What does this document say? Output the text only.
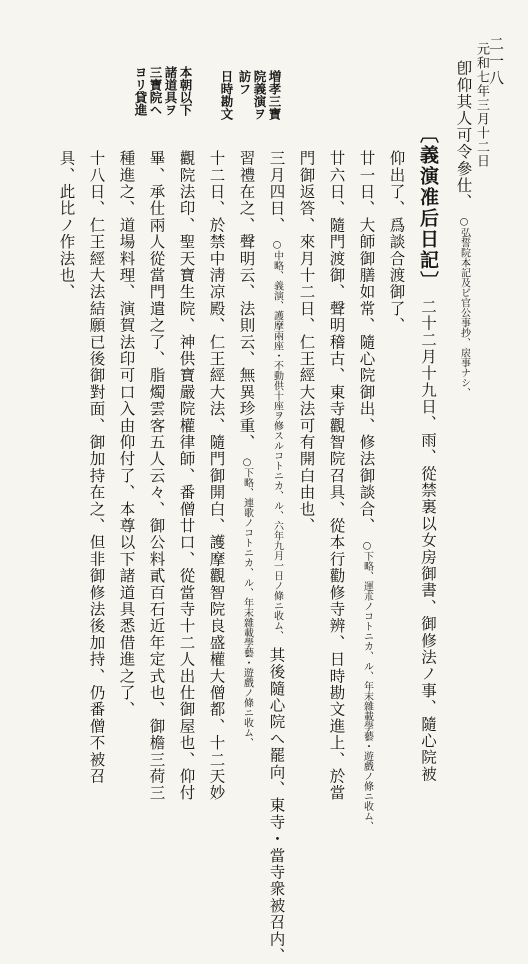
二一八
元和七年三月十二日
本朝以下諸道具ヲ三寶院ヘヨリ貸進	日時勘文	増孝三寶院義演ヲ訪フ	卽仰其人可令參仕、 ○弘誓院本記及ビ官公事抄、扆事ナシ、
〔義演准后日記〕 二十二月十九日、雨、從禁裏以女房御書、御修法ノ事、隨心院被
仰出了、爲談合渡御了、
廿一日、大師御膳如常、隨心院御出、修法御談合、 ○下略、運朮ノコトニカ、ル、年末雜載學藝・遊戲ノ條ニ收ム、
廿六日、隨門渡御、聲明稽古、東寺觀智院召具、從本行勸修寺辨、日時勘文進上、於當
門御返答、來月十二日、仁王經大法可有開白由也、
三月四日、 ○中略、義演、護摩兩座・不動供十座ヲ修スルコトニカ、ル、六年九月一日ノ條ニ收ム、 其後隨心院へ罷向、東寺・當寺衆被召内、
習禮在之、聲明云、法則云、無異珍重、 ○下略、連歌ノコトニカ、ル、年末雜載學藝・遊戲ノ條ニ收ム、
十二日、於禁中淸凉殿、仁王經大法、隨門御開白、護摩觀智院良盛權大僧都、十二天妙
觀院法印、聖天寶生院、神供寶嚴院權律師、番僧廿口、從當寺十二人出仕御屋也、仰付
畢、承仕兩人從當門遣之了、脂燭雲客五人云々、御公料貳百石近年定式也、御檐三荷三
種進之、道場料理、演賀法印可口入由仰付了、本尊以下諸道具悉借進之了、
十八日、仁王經大法結願已後御對面、御加持在之、但非御修法後加持、仍番僧不被召
具、此比ノ作法也、
